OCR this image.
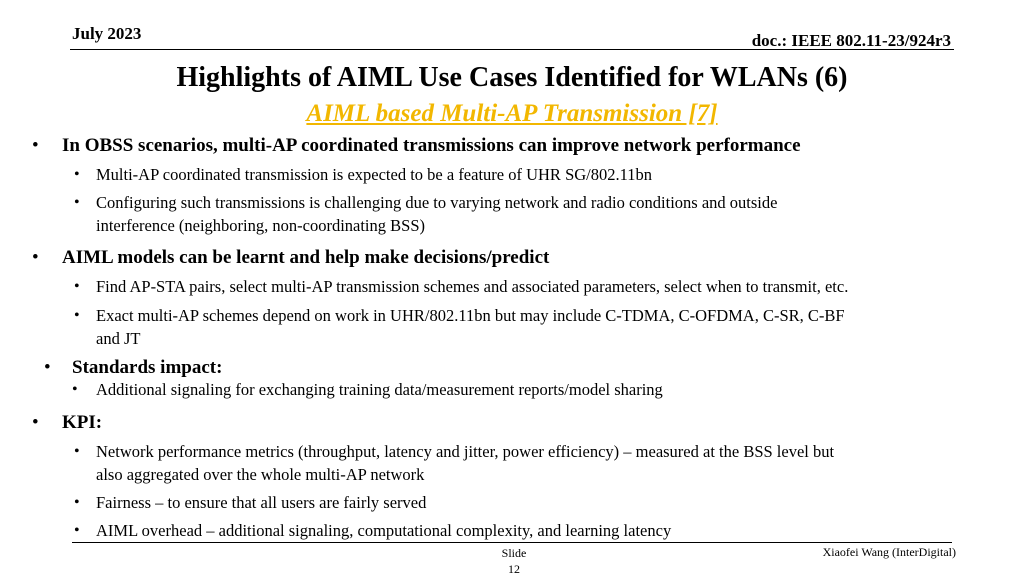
July 2023	doc.: IEEE 802.11-23/924r3
Highlights of AIML Use Cases Identified for WLANs (6)
AIML based Multi-AP Transmission [7]
• In OBSS scenarios, multi-AP coordinated transmissions can improve network performance
• Multi-AP coordinated transmission is expected to be a feature of UHR SG/802.11bn
• Configuring such transmissions is challenging due to varying network and radio conditions and outside
interference (neighboring, non-coordinating BSS)
• AIML models can be learnt and help make decisions/predict
• Find AP-STA pairs, select multi-AP transmission schemes and associated parameters, select when to transmit, etc.
• Exact multi-AP schemes depend on work in UHR/802.11bn but may include C-TDMA, C-OFDMA, C-SR, C-BF
and JT
• Standards impact:
• Additional signaling for exchanging training data/measurement reports/model sharing
• KPI:
• Network performance metrics (throughput, latency and jitter, power efficiency) – measured at the BSS level but
also aggregated over the whole multi-AP network
• Fairness – to ensure that all users are fairly served
• AIML overhead – additional signaling, computational complexity, and learning latency
Slide
12
Xiaofei Wang (InterDigital)
